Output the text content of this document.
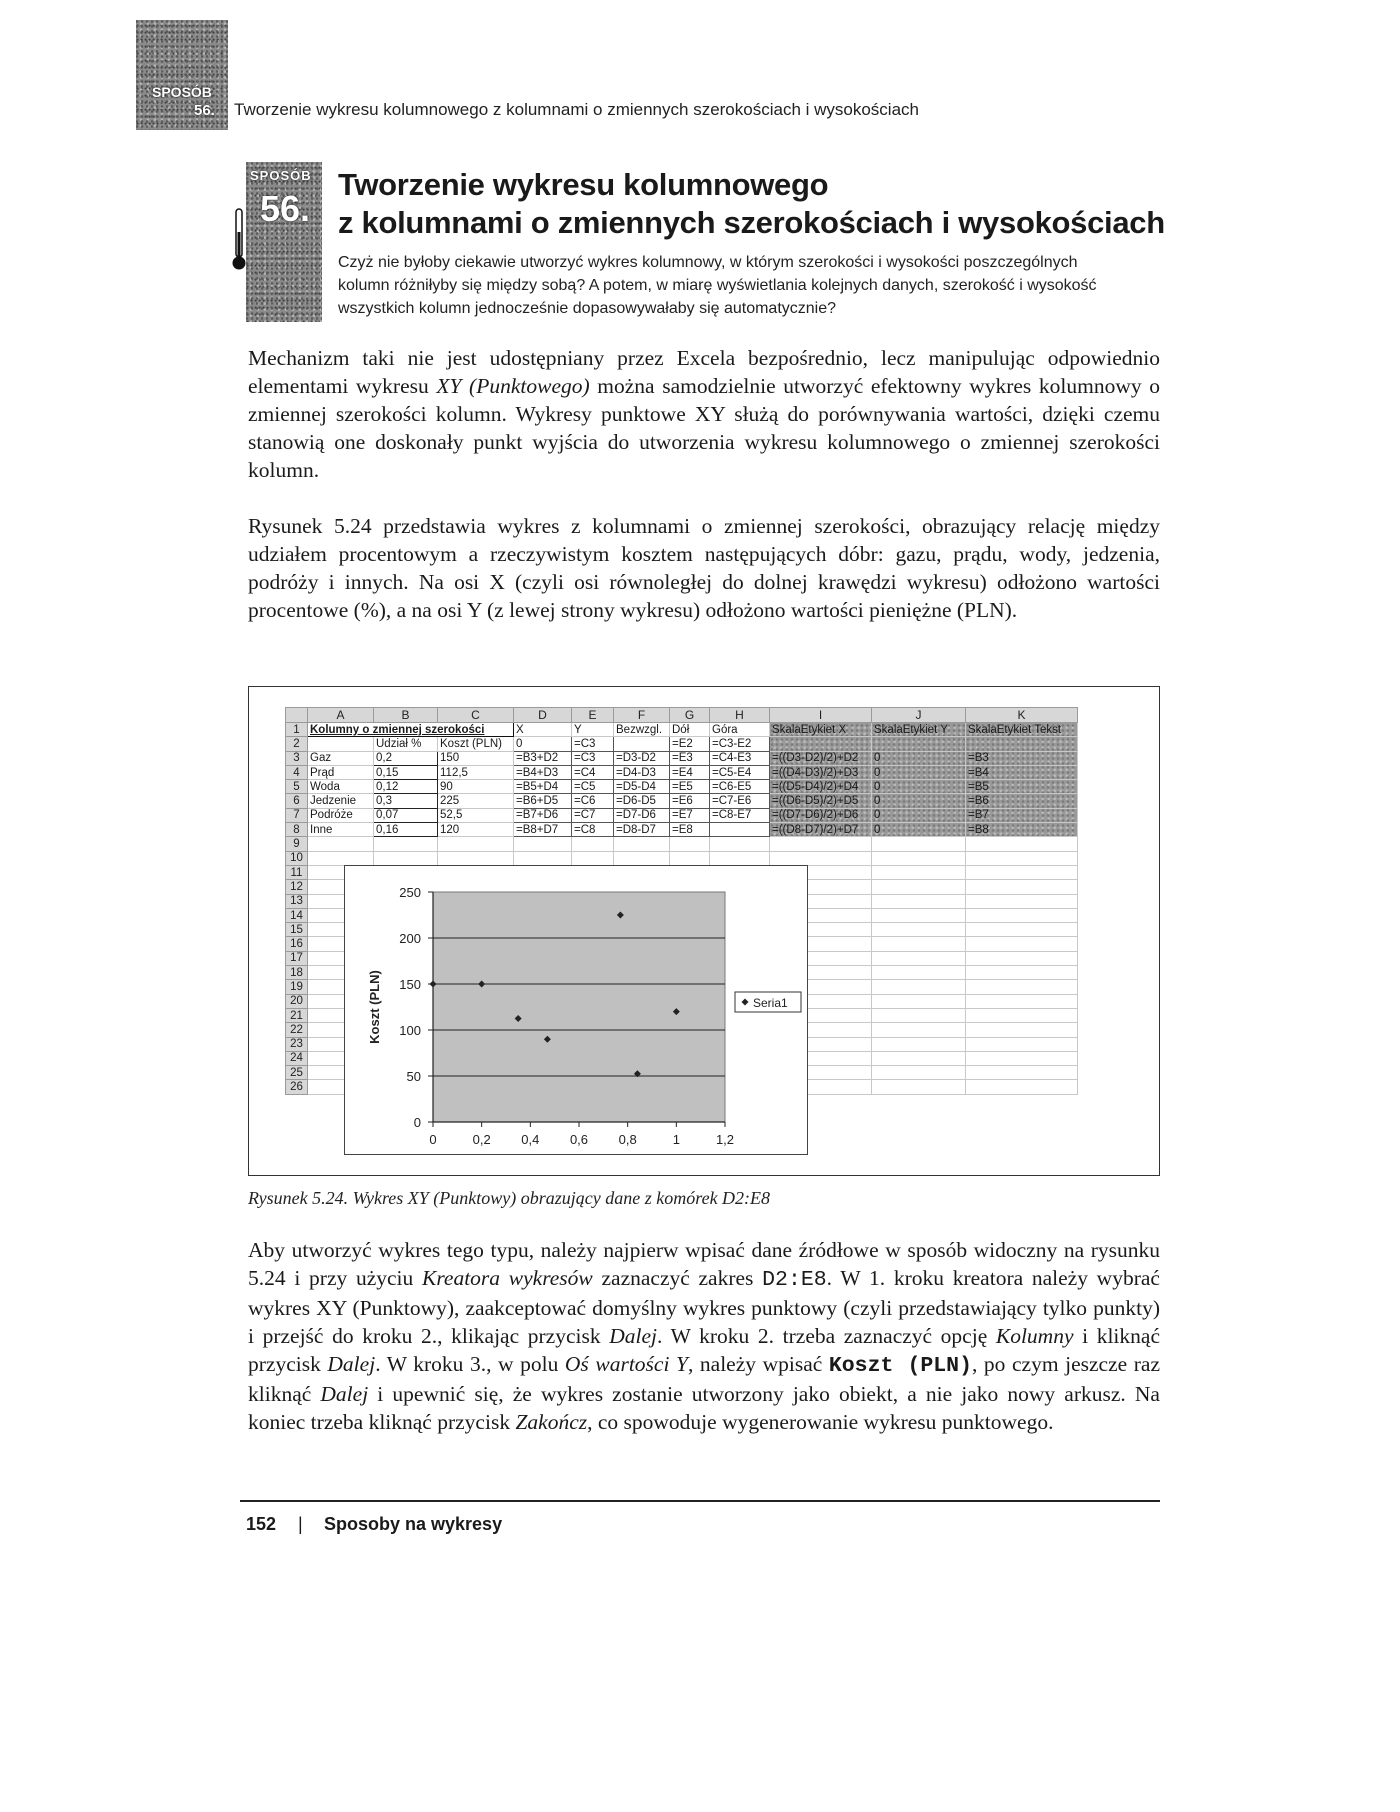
SPOSÓB
56. Tworzenie wykresu kolumnowego z kolumnami o zmiennych szerokościach i wysokościach
SPOSÓB
56.
Tworzenie wykresu kolumnowego
z kolumnami o zmiennych szerokościach i wysokościach
Czyż nie byłoby ciekawie utworzyć wykres kolumnowy, w którym szerokości i wysokości poszczególnych
kolumn różniłyby się między sobą? A potem, w miarę wyświetlania kolejnych danych, szerokość i wysokość
wszystkich kolumn jednocześnie dopasowywałaby się automatycznie?
Mechanizm taki nie jest udostępniany przez Excela bezpośrednio, lecz manipulując odpowiednio elementami wykresu XY (Punktowego) można samodzielnie utworzyć efektowny wykres kolumnowy o zmiennej szerokości kolumn. Wykresy punktowe XY służą do porównywania wartości, dzięki czemu stanowią one doskonały punkt wyjścia do utworzenia wykresu kolumnowego o zmiennej szerokości kolumn.
Rysunek 5.24 przedstawia wykres z kolumnami o zmiennej szerokości, obrazujący relację między udziałem procentowym a rzeczywistym kosztem następujących dóbr: gazu, prądu, wody, jedzenia, podróży i innych. Na osi X (czyli osi równoległej do dolnej krawędzi wykresu) odłożono wartości procentowe (%), a na osi Y (z lewej strony wykresu) odłożono wartości pieniężne (PLN).
	A	B	C	D	E	F	G	H	I	J	K
1	Kolumny o zmiennej szerokości			X	Y	Bezwzgl.	Dół	Góra	SkalaEtykiet X	SkalaEtykiet Y	SkalaEtykiet Tekst
2		Udział %	Koszt (PLN)	0	=C3		=E2	=C3-E2			
3	Gaz	0,2	150	=B3+D2	=C3	=D3-D2	=E3	=C4-E3	=((D3-D2)/2)+D2	0	=B3
4	Prąd	0,15	112,5	=B4+D3	=C4	=D4-D3	=E4	=C5-E4	=((D4-D3)/2)+D3	0	=B4
5	Woda	0,12	90	=B5+D4	=C5	=D5-D4	=E5	=C6-E5	=((D5-D4)/2)+D4	0	=B5
6	Jedzenie	0,3	225	=B6+D5	=C6	=D6-D5	=E6	=C7-E6	=((D6-D5)/2)+D5	0	=B6
7	Podróże	0,07	52,5	=B7+D6	=C7	=D7-D6	=E7	=C8-E7	=((D7-D6)/2)+D6	0	=B7
8	Inne	0,16	120	=B8+D7	=C8	=D8-D7	=E8		=((D8-D7)/2)+D7	0	=B8
9											
10											
11											
12											
13											
14											
15											
16											
17											
18											
19											
20											
21											
22											
23											
24											
25											
26											
0
50
100
150
200
250
0	0,2 0,4 0,6 0,8	1	1,2
Koszt (PLN)	Seria1
Rysunek 5.24. Wykres XY (Punktowy) obrazujący dane z komórek D2:E8
Aby utworzyć wykres tego typu, należy najpierw wpisać dane źródłowe w sposób widoczny na rysunku 5.24 i przy użyciu Kreatora wykresów zaznaczyć zakres D2:E8. W 1. kroku kreatora należy wybrać wykres XY (Punktowy), zaakceptować domyślny wykres punktowy (czyli przedstawiający tylko punkty) i przejść do kroku 2., klikając przycisk Dalej. W kroku 2. trzeba zaznaczyć opcję Kolumny i kliknąć przycisk Dalej. W kroku 3., w polu Oś wartości Y, należy wpisać Koszt (PLN), po czym jeszcze raz kliknąć Dalej i upewnić się, że wykres zostanie utworzony jako obiekt, a nie jako nowy arkusz. Na koniec trzeba kliknąć przycisk Zakończ, co spowoduje wygenerowanie wykresu punktowego.
152 | Sposoby na wykresy
